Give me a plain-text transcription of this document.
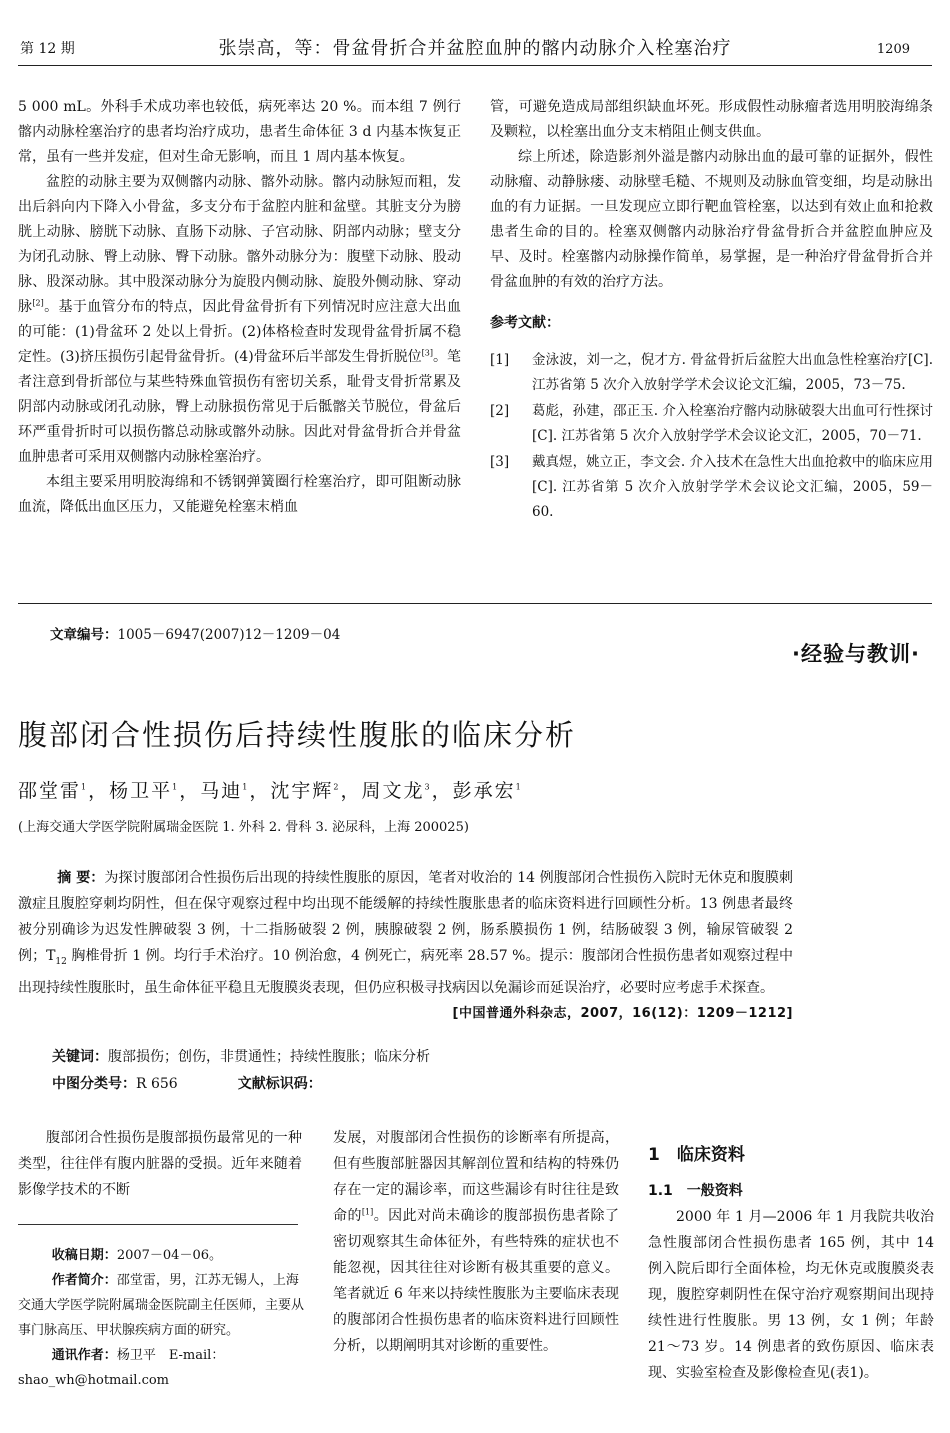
第 12 期	张崇高，等：骨盆骨折合并盆腔血肿的髂内动脉介入栓塞治疗	1209

5 000 mL。外科手术成功率也较低，病死率达 20 %。而本组 7 例行髂内动脉栓塞治疗的患者均治疗成功，患者生命体征 3 d 内基本恢复正常，虽有一些并发症，但对生命无影响，而且 1 周内基本恢复。

盆腔的动脉主要为双侧髂内动脉、髂外动脉。髂内动脉短而粗，发出后斜向内下降入小骨盆，多支分布于盆腔内脏和盆壁。其脏支分为膀胱上动脉、膀胱下动脉、直肠下动脉、子宫动脉、阴部内动脉；壁支分为闭孔动脉、臀上动脉、臀下动脉。髂外动脉分为：腹壁下动脉、股动脉、股深动脉。其中股深动脉分为旋股内侧动脉、旋股外侧动脉、穿动脉[2]。基于血管分布的特点，因此骨盆骨折有下列情况时应注意大出血的可能：(1)骨盆环 2 处以上骨折。(2)体格检查时发现骨盆骨折属不稳定性。(3)挤压损伤引起骨盆骨折。(4)骨盆环后半部发生骨折脱位[3]。笔者注意到骨折部位与某些特殊血管损伤有密切关系，耻骨支骨折常累及阴部内动脉或闭孔动脉，臀上动脉损伤常见于后骶髂关节脱位，骨盆后环严重骨折时可以损伤髂总动脉或髂外动脉。因此对骨盆骨折合并骨盆血肿患者可采用双侧髂内动脉栓塞治疗。

本组主要采用明胶海绵和不锈钢弹簧圈行栓塞治疗，即可阻断动脉血流，降低出血区压力，又能避免栓塞末梢血

管，可避免造成局部组织缺血坏死。形成假性动脉瘤者选用明胶海绵条及颗粒，以栓塞出血分支末梢阻止侧支供血。

综上所述，除造影剂外溢是髂内动脉出血的最可靠的证据外，假性动脉瘤、动静脉瘘、动脉壁毛糙、不规则及动脉血管变细，均是动脉出血的有力证据。一旦发现应立即行靶血管栓塞，以达到有效止血和抢救患者生命的目的。栓塞双侧髂内动脉治疗骨盆骨折合并盆腔血肿应及早、及时。栓塞髂内动脉操作简单，易掌握，是一种治疗骨盆骨折合并骨盆血肿的有效的治疗方法。

参考文献：
[1]	金泳波，刘一之，倪才方. 骨盆骨折后盆腔大出血急性栓塞治疗[C]. 江苏省第 5 次介入放射学学术会议论文汇编，2005，73－75.
[2]	葛彪，孙建，邵正玉. 介入栓塞治疗髂内动脉破裂大出血可行性探讨[C]. 江苏省第 5 次介入放射学学术会议论文汇，2005，70－71.
[3]	戴真煜，姚立正，李文会. 介入技术在急性大出血抢救中的临床应用[C]. 江苏省第 5 次介入放射学学术会议论文汇编，2005，59－60.
文章编号：1005－6947(2007)12－1209－04
·经验与教训·
腹部闭合性损伤后持续性腹胀的临床分析
邵堂雷$^1$，杨卫平$^1$，马迪$^1$，沈宇辉$^2$，周文龙$^3$，彭承宏$^1$
(上海交通大学医学院附属瑞金医院 1. 外科 2. 骨科 3. 泌尿科，上海 200025)
摘 要：为探讨腹部闭合性损伤后出现的持续性腹胀的原因，笔者对收治的 14 例腹部闭合性损伤入院时无休克和腹膜刺激症且腹腔穿刺均阴性，但在保守观察过程中均出现不能缓解的持续性腹胀患者的临床资料进行回顾性分析。13 例患者最终被分别确诊为迟发性脾破裂 3 例，十二指肠破裂 2 例，胰腺破裂 2 例，肠系膜损伤 1 例，结肠破裂 3 例，输尿管破裂 2 例；$T_{12}$ 胸椎骨折 1 例。均行手术治疗。10 例治愈，4 例死亡，病死率 28.57 %。提示：腹部闭合性损伤患者如观察过程中出现持续性腹胀时，虽生命体征平稳且无腹膜炎表现，但仍应积极寻找病因以免漏诊而延误治疗，必要时应考虑手术探查。
[中国普通外科杂志，2007，16(12)：1209－1212]
关键词：腹部损伤；创伤，非贯通性；持续性腹胀；临床分析
中图分类号：R 656	文献标识码：

腹部闭合性损伤是腹部损伤最常见的一种类型，往往伴有腹内脏器的受损。近年来随着影像学技术的不断

收稿日期：2007－04－06。

作者简介：邵堂雷，男，江苏无锡人，上海交通大学医学院附属瑞金医院副主任医师，主要从事门脉高压、甲状腺疾病方面的研究。

通讯作者：杨卫平　E-mail：shao_wh@hotmail.com

发展，对腹部闭合性损伤的诊断率有所提高，但有些腹部脏器因其解剖位置和结构的特殊仍存在一定的漏诊率，而这些漏诊有时往往是致命的[1]。因此对尚未确诊的腹部损伤患者除了密切观察其生命体征外，有些特殊的症状也不能忽视，因其往往对诊断有极其重要的意义。笔者就近 6 年来以持续性腹胀为主要临床表现的腹部闭合性损伤患者的临床资料进行回顾性分析，以期阐明其对诊断的重要性。

1　临床资料
1.1　一般资料

2000 年 1 月—2006 年 1 月我院共收治急性腹部闭合性损伤患者 165 例，其中 14 例入院后即行全面体检，均无休克或腹膜炎表现，腹腔穿刺阴性在保守治疗观察期间出现持续性进行性腹胀。男 13 例，女 1 例；年龄 21～73 岁。14 例患者的致伤原因、临床表现、实验室检查及影像检查见(表1)。
